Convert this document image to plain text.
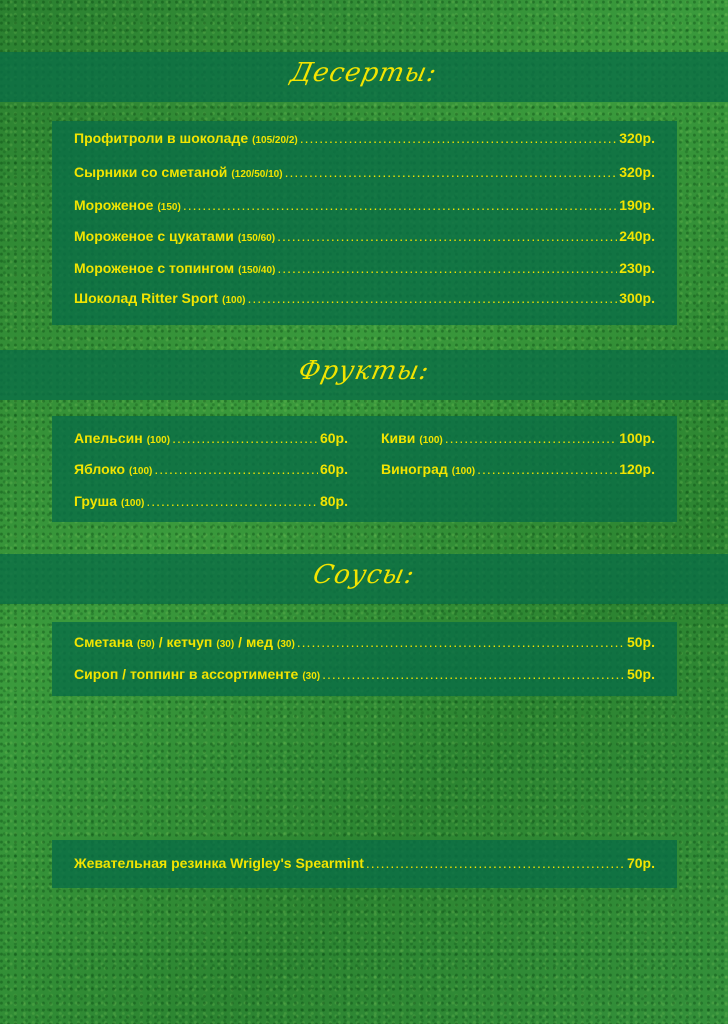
Десерты:
Профитроли в шоколаде (105/20/2) .....	320р.
Сырники со сметаной (120/50/10) .....	320р.
Мороженое (150) .....	190р.
Мороженое с цукатами (150/60) .....	240р.
Мороженое с топингом (150/40) .....	230р.
Шоколад Ritter Sport (100) .....	300р.
Фрукты:
Апельсин (100) .....	60р.
Яблоко (100) .....	60р.
Груша (100) .....	80р.
Киви (100) .....	100р.
Виноград (100) .....	120р.
Соусы:
Сметана (50) / кетчуп (30) / мед (30) .....	50р.
Сироп / топпинг в ассортименте (30) .....	50р.
Жевательная резинка Wrigley's Spearmint .....	70р.
